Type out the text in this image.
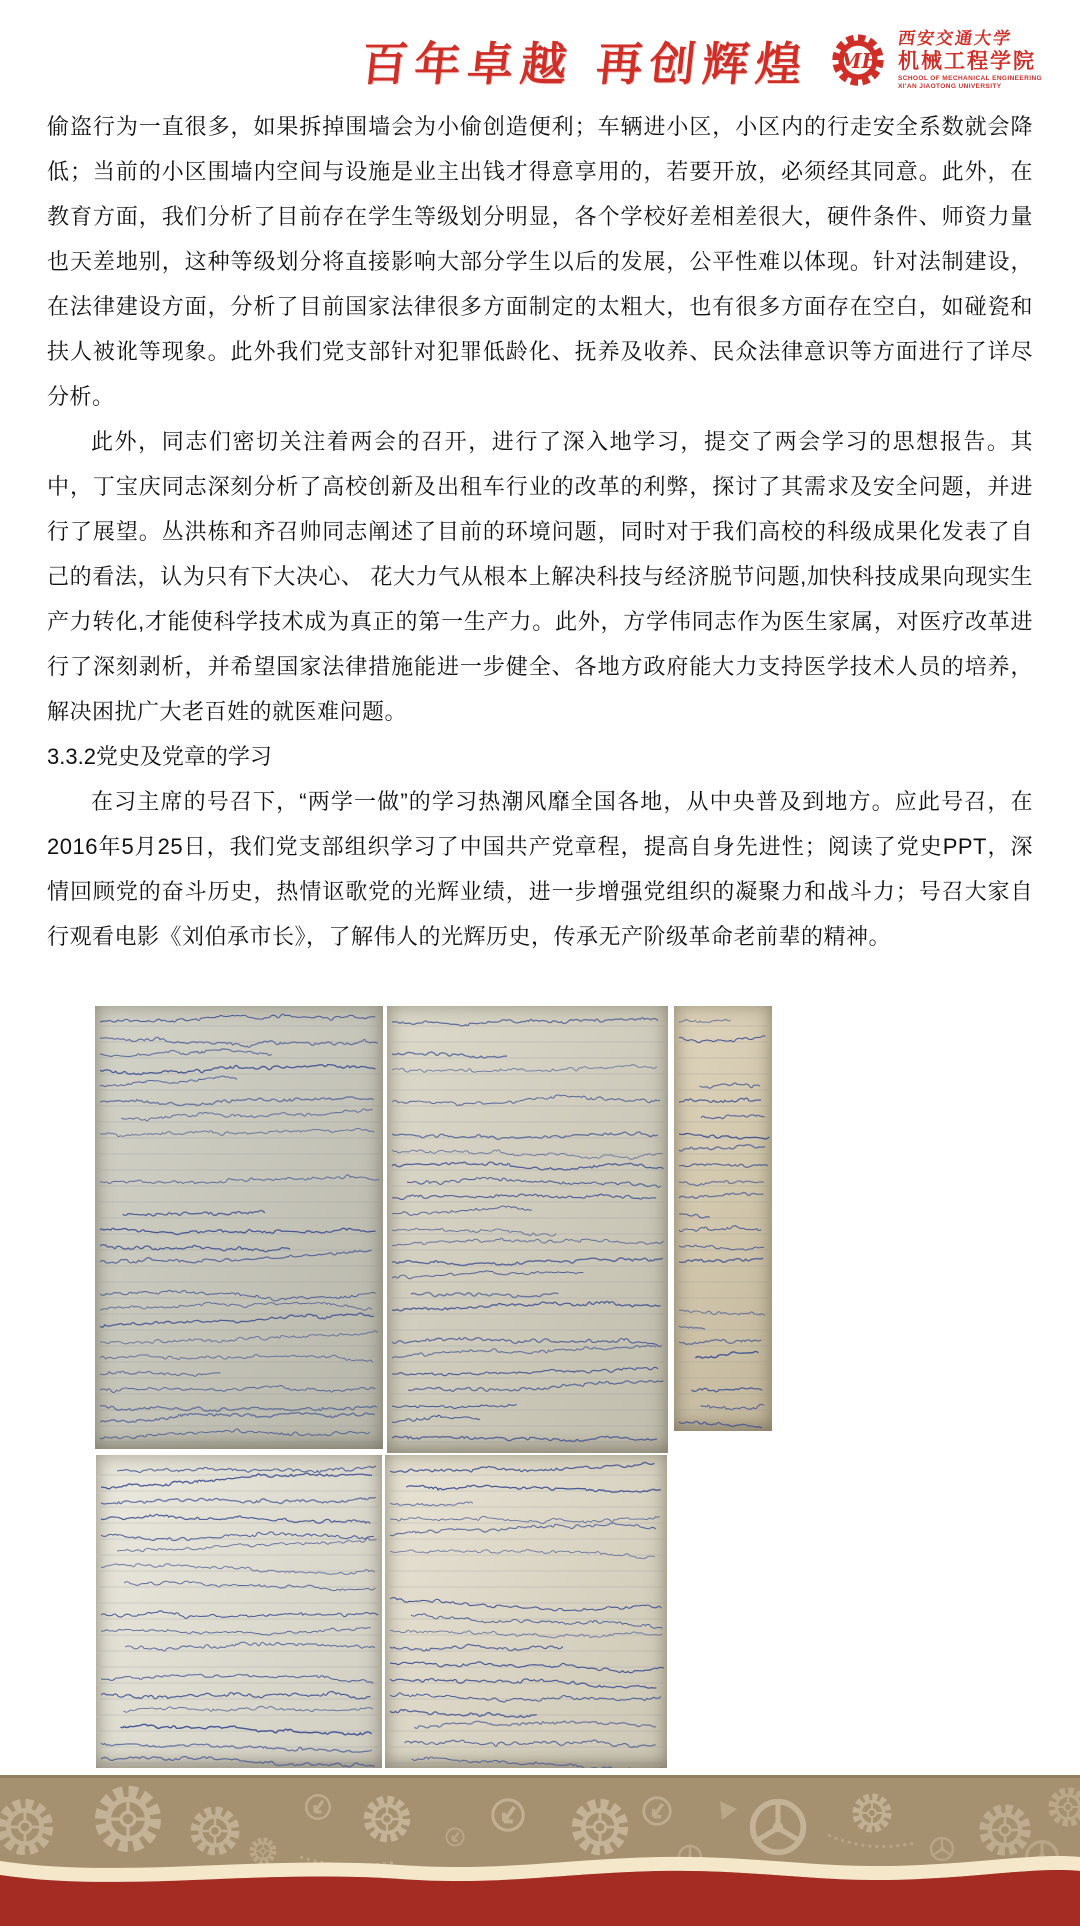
百年卓越 再创辉煌 ME
西安交通大学
机械工程学院
SCHOOL OF MECHANICAL ENGINEERING
XI'AN JIAOTONG UNIVERSITY

偷盗行为一直很多，如果拆掉围墙会为小偷创造便利；车辆进小区，小区内的行走安全系数就会降低；当前的小区围墙内空间与设施是业主出钱才得意享用的，若要开放，必须经其同意。此外，在教育方面，我们分析了目前存在学生等级划分明显，各个学校好差相差很大，硬件条件、师资力量也天差地别，这种等级划分将直接影响大部分学生以后的发展，公平性难以体现。针对法制建设，在法律建设方面，分析了目前国家法律很多方面制定的太粗大，也有很多方面存在空白，如碰瓷和扶人被讹等现象。此外我们党支部针对犯罪低龄化、抚养及收养、民众法律意识等方面进行了详尽分析。

此外，同志们密切关注着两会的召开，进行了深入地学习，提交了两会学习的思想报告。其中，丁宝庆同志深刻分析了高校创新及出租车行业的改革的利弊，探讨了其需求及安全问题，并进行了展望。丛洪栋和齐召帅同志阐述了目前的环境问题，同时对于我们高校的科级成果化发表了自己的看法，认为只有下大决心、 花大力气从根本上解决科技与经济脱节问题,加快科技成果向现实生产力转化,才能使科学技术成为真正的第一生产力。此外，方学伟同志作为医生家属，对医疗改革进行了深刻剥析，并希望国家法律措施能进一步健全、各地方政府能大力支持医学技术人员的培养，解决困扰广大老百姓的就医难问题。

3.3.2党史及党章的学习

在习主席的号召下，“两学一做”的学习热潮风靡全国各地，从中央普及到地方。应此号召，在2016年5月25日，我们党支部组织学习了中国共产党章程，提高自身先进性；阅读了党史PPT，深情回顾党的奋斗历史，热情讴歌党的光辉业绩，进一步增强党组织的凝聚力和战斗力；号召大家自行观看电影《刘伯承市长》，了解伟人的光辉历史，传承无产阶级革命老前辈的精神。
